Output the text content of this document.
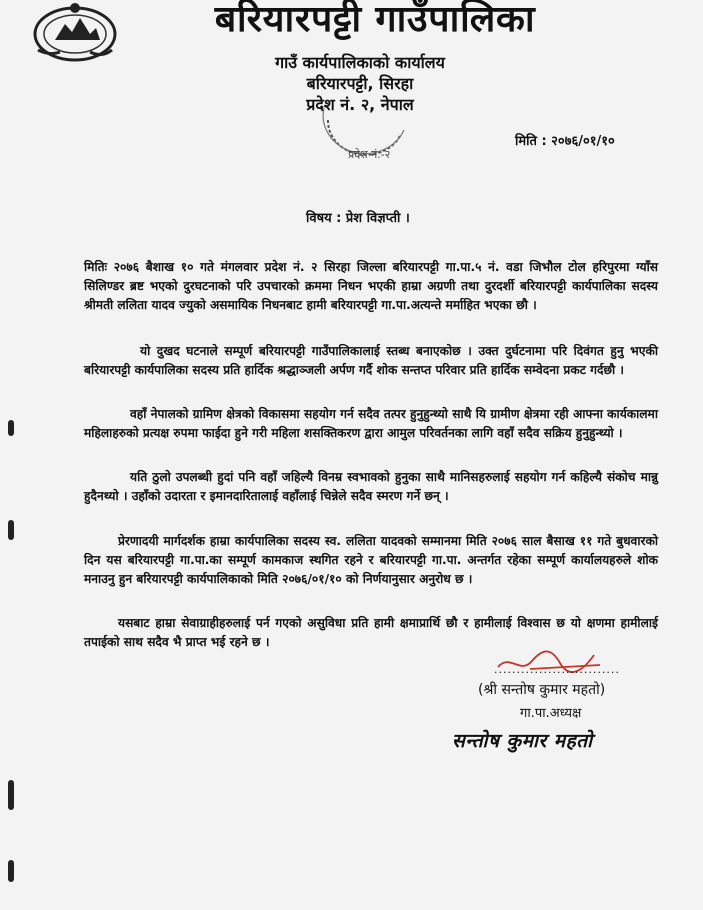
बरियारपट्टी गाउँपालिका
गाउँ कार्यपालिकाको कार्यालय
बरियारपट्टी, सिरहा
प्रदेश नं. २, नेपाल
प्रदेश नं.-२
मिति : २०७६/०१/१०
विषय : प्रेश विज्ञप्ती ।
मितिः २०७६ बैशाख १० गते मंगलवार प्रदेश नं. २ सिरहा जिल्ला बरियारपट्टी गा.पा.५ नं. वडा जिभौल टोल हरिपुरमा ग्याँस सिलिण्डर ब्रष्ट भएको दुरघटनाको परि उपचारको क्रममा निधन भएकी हाम्रा अग्रणी तथा दुरदर्शी बरियारपट्टी कार्यपालिका सदस्य श्रीमती ललिता यादव ज्युको असमायिक निधनबाट हामी बरियारपट्टी गा.पा.अत्यन्ते मर्माहित भएका छौ ।
यो दुखद घटनाले सम्पूर्ण बरियारपट्टी गाउँपालिकालाई स्तब्ध बनाएकोछ । उक्त दुर्घटनामा परि दिवंगत हुनु भएकी बरियारपट्टी कार्यपालिका सदस्य प्रति हार्दिक श्रद्धाञ्जली अर्पण गर्दै शोक सन्तप्त परिवार प्रति हार्दिक सम्वेदना प्रकट गर्दछौ ।
वहाँ नेपालको ग्रामिण क्षेत्रको विकासमा सहयोग गर्न सदैव तत्पर हुनुहुन्थ्यो साथै यि ग्रामीण क्षेत्रमा रही आफ्ना कार्यकालमा महिलाहरुको प्रत्यक्ष रुपमा फाईदा हुने गरी महिला शसक्तिकरण द्वारा आमुल परिवर्तनका लागि वहाँ सदैव सक्रिय हुनुहुन्थ्यो ।
यति ठुलो उपलब्धी हुदां पनि वहाँ जहिल्यै विनम्र स्वभावको हुनुका साथै मानिसहरुलाई सहयोग गर्न कहिल्यै संकोच मान्नु हुदैनथ्यो । उहाँको उदारता र इमानदारितालाई वहाँलाई चिन्नेले सदैव स्मरण गर्ने छन् ।
प्रेरणादयी मार्गदर्शक हाम्रा कार्यपालिका सदस्य स्व. ललिता यादवको सम्मानमा मिति २०७६ साल बैसाख ११ गते बुधवारको दिन यस बरियारपट्टी गा.पा.का सम्पूर्ण कामकाज स्थगित रहने र बरियारपट्टी गा.पा. अन्तर्गत रहेका सम्पूर्ण कार्यालयहरुले शोक मनाउनु हुन बरियारपट्टी कार्यपालिकाको मिति २०७६/०१/१० को निर्णयानुसार अनुरोध छ ।
यसबाट हाम्रा सेवाग्राहीहरुलाई पर्न गएको असुविधा प्रति हामी क्षमाप्रार्थि छौ र हामीलाई विश्वास छ यो क्षणमा हामीलाई तपाईको साथ सदैव भै प्राप्त भई रहने छ ।
............................
(श्री सन्तोष कुमार महतो)
गा.पा.अध्यक्ष
सन्तोष कुमार महतो
